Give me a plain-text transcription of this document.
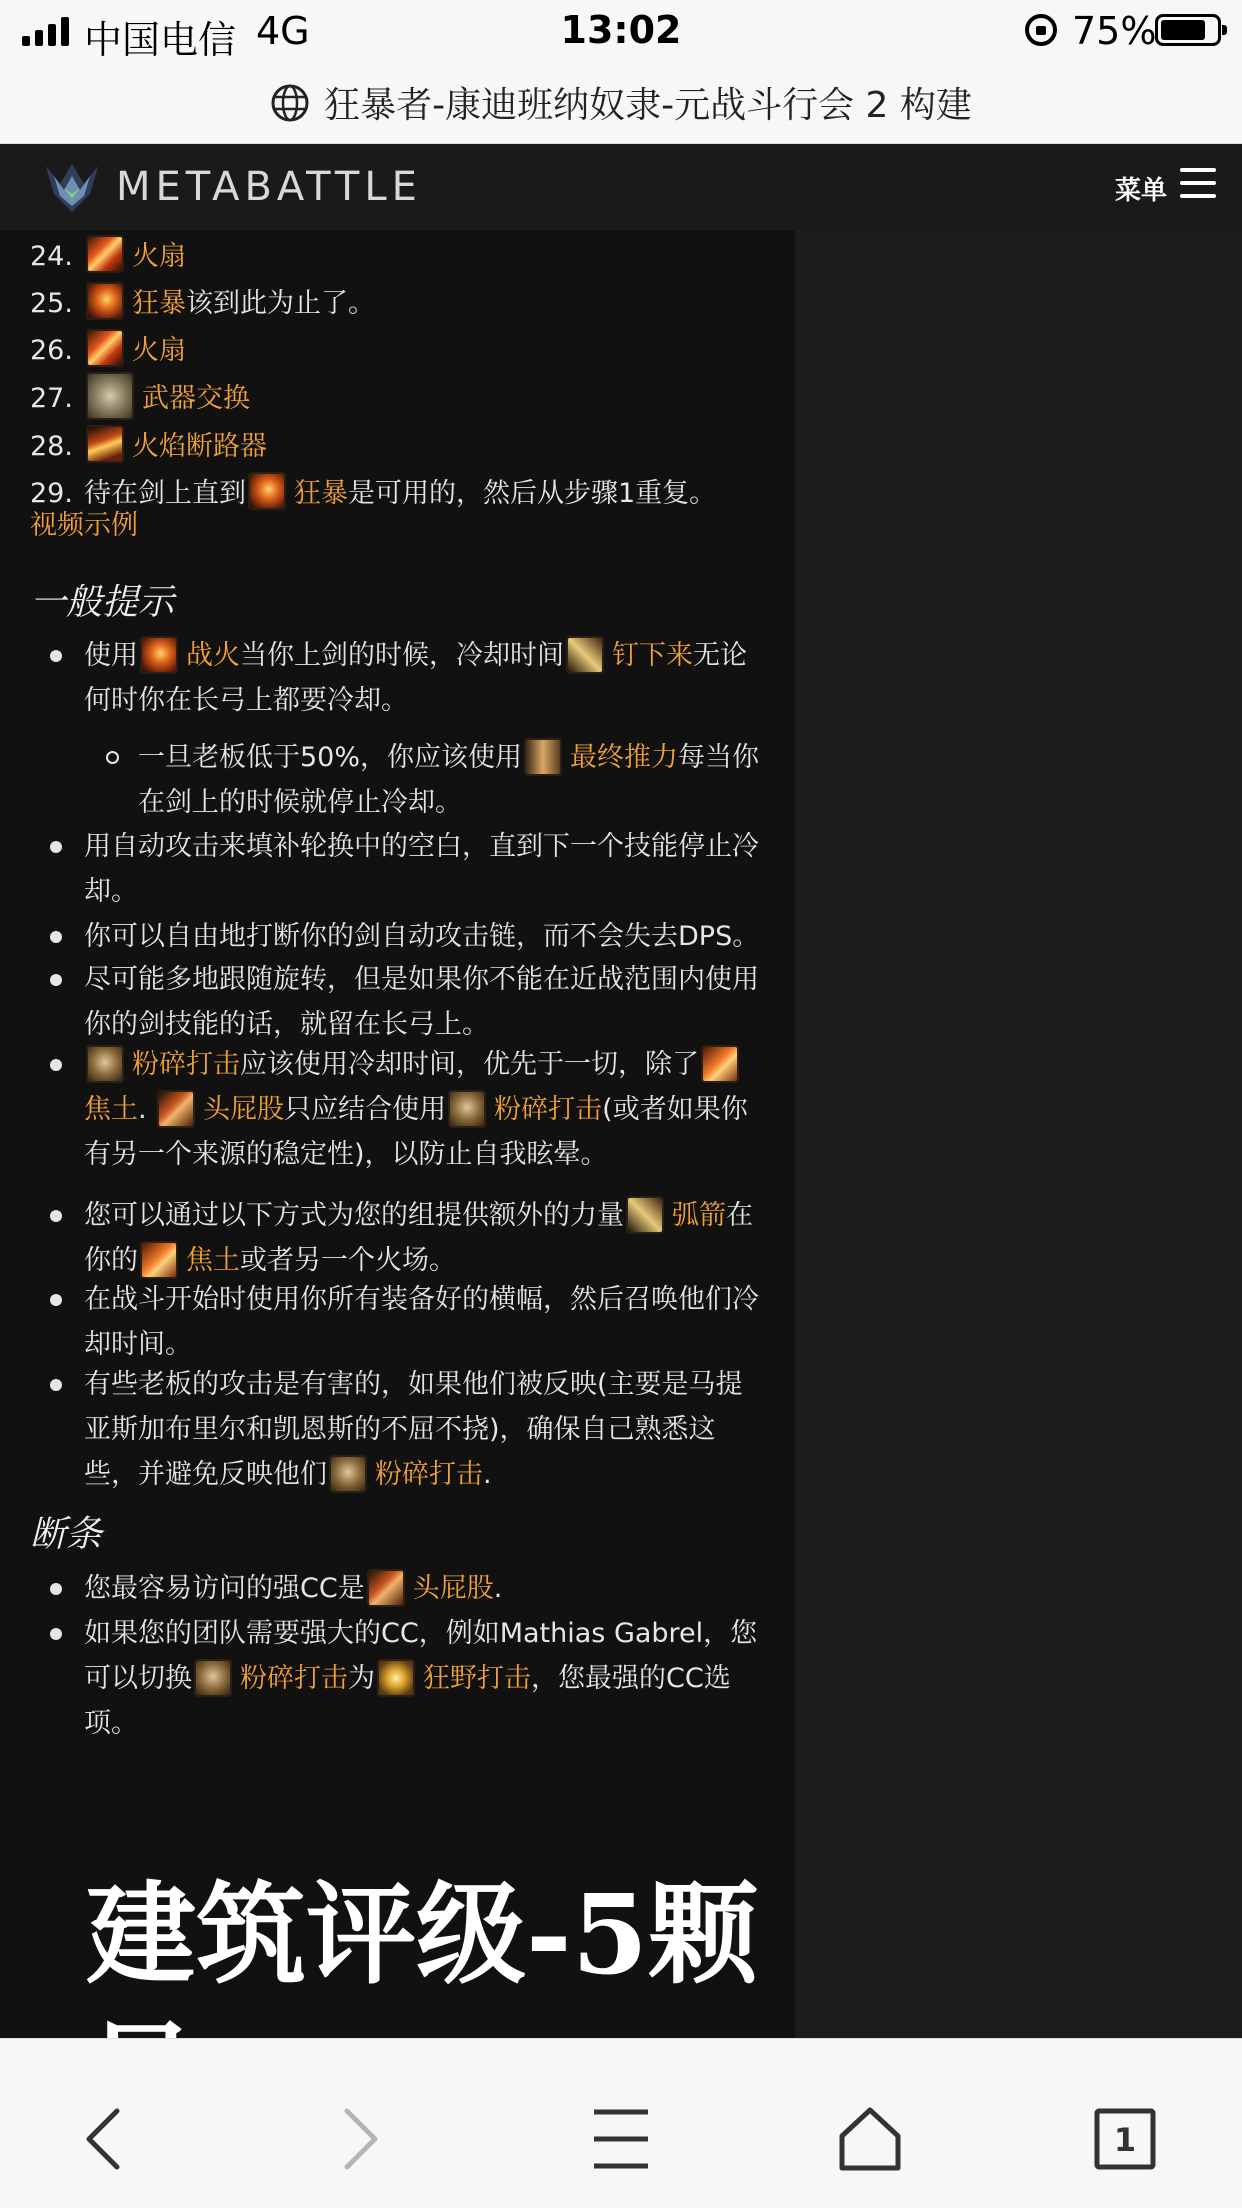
中国电信 4G	13:02	75%
狂暴者-康迪班纳奴隶-元战斗行会 2 构建
METABATTLE	菜单
24.	火扇
25.	狂暴 该到此为止了。
26.	火扇
27.	武器交换
28.	火焰断路器
29. 待在剑上直到 狂暴 是可用的，然后从步骤1重复。
视频示例
一般提示
使用 战火当你上剑的时候，冷却时间 钉下来无论何时你在长弓上都要冷却。
一旦老板低于50%，你应该使用 最终推力每当你在剑上的时候就停止冷却。
用自动攻击来填补轮换中的空白，直到下一个技能停止冷却。
你可以自由地打断你的剑自动攻击链，而不会失去DPS。
尽可能多地跟随旋转，但是如果你不能在近战范围内使用你的剑技能的话，就留在长弓上。
粉碎打击应该使用冷却时间，优先于一切，除了焦土. 头屁股只应结合使用 粉碎打击(或者如果你有另一个来源的稳定性)，以防止自我眩晕。
您可以通过以下方式为您的组提供额外的力量 弧箭在你的 焦土或者另一个火场。
在战斗开始时使用你所有装备好的横幅，然后召唤他们冷却时间。
有些老板的攻击是有害的，如果他们被反映(主要是马提亚斯加布里尔和凯恩斯的不屈不挠)，确保自己熟悉这些，并避免反映他们 粉碎打击.
断条
您最容易访问的强CC是 头屁股.
如果您的团队需要强大的CC，例如Mathias Gabrel，您可以切换 粉碎打击为 狂野打击，您最强的CC选项。
建筑评级-5颗
1
